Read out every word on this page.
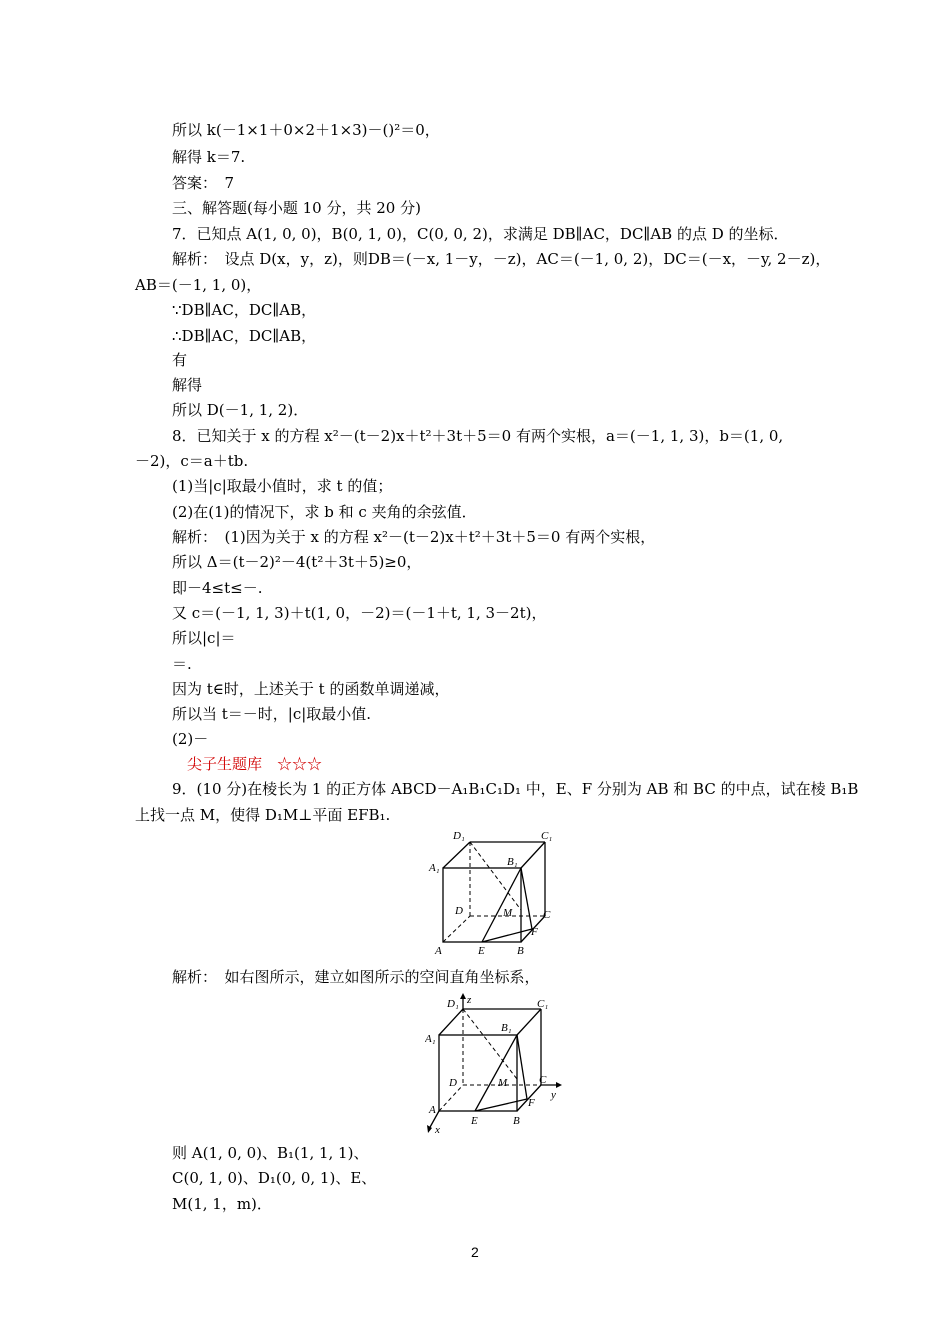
所以 k(－1×1＋0×2＋1×3)－()²＝0，
解得 k＝7.
答案：　7
三、解答题(每小题 10 分，共 20 分)
7．已知点 A(1, 0, 0)，B(0, 1, 0)，C(0, 0, 2)，求满足 DB∥AC，DC∥AB 的点 D 的坐标．
解析：　设点 D(x，y，z)，则DB＝(－x, 1－y，－z)，AC＝(－1, 0, 2)，DC＝(－x，－y, 2－z)，
AB＝(－1, 1, 0)，
∵DB∥AC，DC∥AB，
∴DB∥AC，DC∥AB，
有
解得
所以 D(－1, 1, 2)．
8．已知关于 x 的方程 x²－(t－2)x＋t²＋3t＋5＝0 有两个实根，a＝(－1, 1, 3)，b＝(1, 0,
－2)，c＝a＋tb.
(1)当|c|取最小值时，求 t 的值；
(2)在(1)的情况下，求 b 和 c 夹角的余弦值．
解析：　(1)因为关于 x 的方程 x²－(t－2)x＋t²＋3t＋5＝0 有两个实根，
所以 Δ＝(t－2)²－4(t²＋3t＋5)≥0，
即－4≤t≤－.
又 c＝(－1, 1, 3)＋t(1, 0，－2)＝(－1＋t, 1, 3－2t)，
所以|c|＝
＝.
因为 t∈时，上述关于 t 的函数单调递减，
所以当 t＝－时，|c|取最小值.
(2)－
尖子生题库　☆☆☆
9．(10 分)在棱长为 1 的正方体 ABCD－A₁B₁C₁D₁ 中，E、F 分别为 AB 和 BC 的中点，试在棱 B₁B
上找一点 M，使得 D₁M⊥平面 EFB₁.
D₁	C₁
A₁	B₁
D	M	C
F
A	E	B
解析：　如右图所示，建立如图所示的空间直角坐标系，
z
y
x
D₁	C₁
A₁
B₁
D	M	C
F
A
E	B
则 A(1, 0, 0)、B₁(1, 1, 1)、
C(0, 1, 0)、D₁(0, 0, 1)、E、
M(1, 1，m)．
2
